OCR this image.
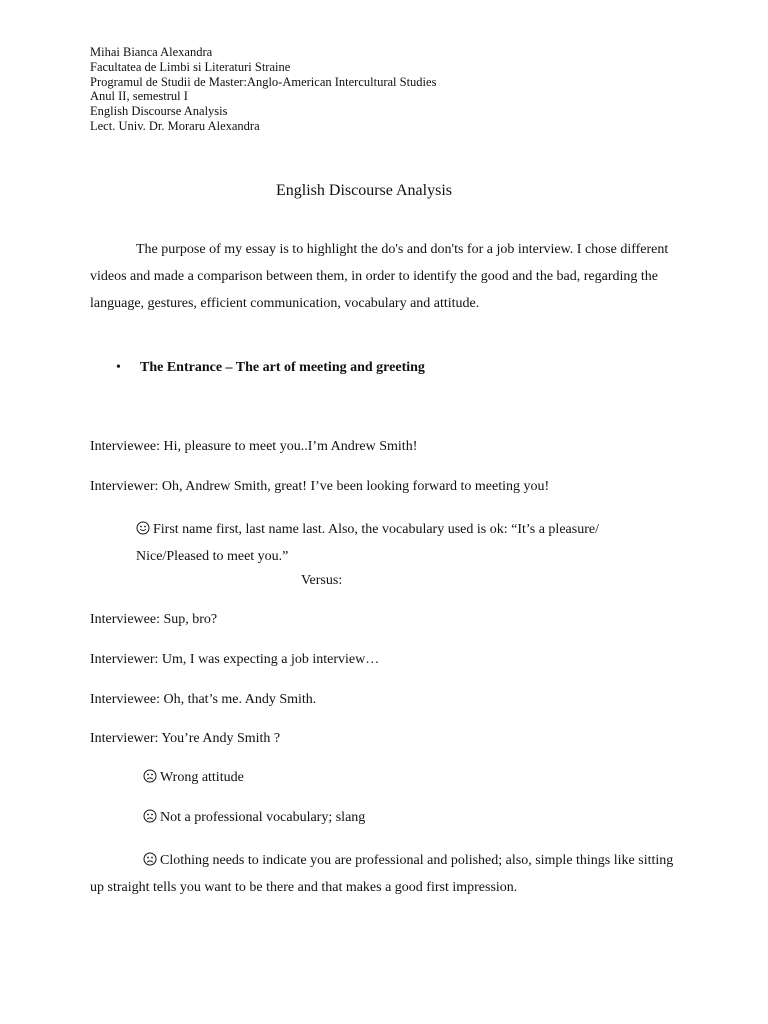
Mihai Bianca Alexandra
Facultatea de Limbi si Literaturi Straine
Programul de Studii de Master:Anglo-American Intercultural Studies
Anul II, semestrul I
English Discourse Analysis
Lect. Univ. Dr. Moraru Alexandra
English Discourse Analysis

The purpose of my essay is to highlight the do's and don'ts for a job interview. I chose different videos and made a comparison between them, in order to identify the good and the bad, regarding the language, gestures, efficient communication, vocabulary and attitude.

• The Entrance – The art of meeting and greeting
Interviewee: Hi, pleasure to meet you..I’m Andrew Smith!
Interviewer: Oh, Andrew Smith, great! I’ve been looking forward to meeting you!

First name first, last name last. Also, the vocabulary used is ok: “It’s a pleasure/ Nice/Pleased to meet you.”

Versus:
Interviewee: Sup, bro?
Interviewer: Um, I was expecting a job interview…
Interviewee: Oh, that’s me. Andy Smith.
Interviewer: You’re Andy Smith ?
Wrong attitude
Not a professional vocabulary; slang

Clothing needs to indicate you are professional and polished; also, simple things like sitting up straight tells you want to be there and that makes a good first impression.
